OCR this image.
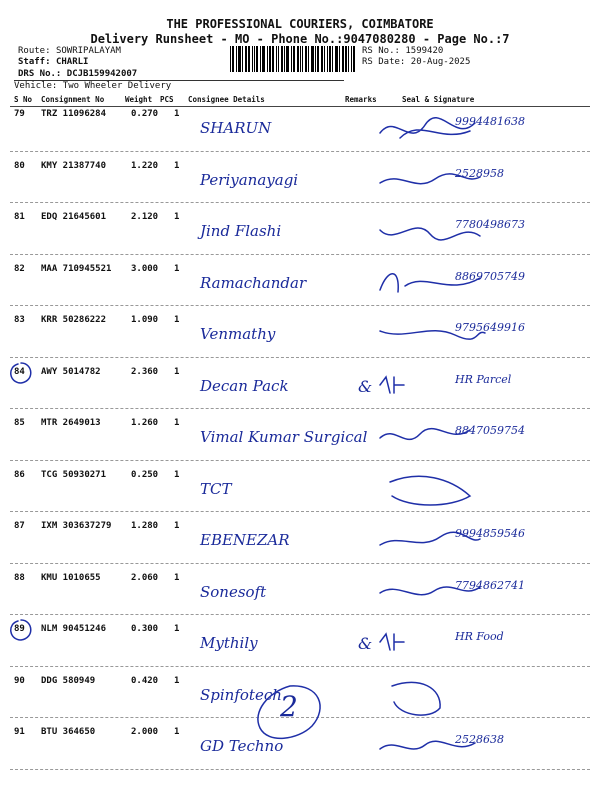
THE PROFESSIONAL COURIERS, COIMBATORE
Delivery Runsheet - MO - Phone No.:9047080280 - Page No.:7
Route: SOWRIPALAYAM
Staff: CHARLI
DRS No.: DCJB159942007
RS No.: 1599420
RS Date: 20-Aug-2025
Vehicle: Two Wheeler Delivery
S No Consignment No	Weight PCS Consignee Details	Remarks	Seal & Signature
79 TRZ 11096284	0.270 1
SHARUN	9994481638
80 KMY 21387740	1.220 1
Periyanayagi	2528958
81 EDQ 21645601	2.120 1
Jind Flashi	7780498673
82 MAA 710945521 3.000 1
Ramachandar	8869705749
83 KRR 50286222	1.090 1
Venmathy	9795649916
84 AWY 5014782	2.360 1
Decan Pack	&	HR Parcel
85 MTR 2649013	1.260 1
Vimal Kumar Surgical	8847059754
86 TCG 50930271	0.250 1
TCT
87 IXM 303637279 1.280 1
EBENEZAR	9994859546
88 KMU 1010655	2.060 1
Sonesoft	7794862741
89 NLM 90451246	0.300 1
Mythily	&	HR Food
90 DDG 580949	0.420 1
Spinfotech
91 BTU 364650	2.000 1
GD Techno	2528638
2
